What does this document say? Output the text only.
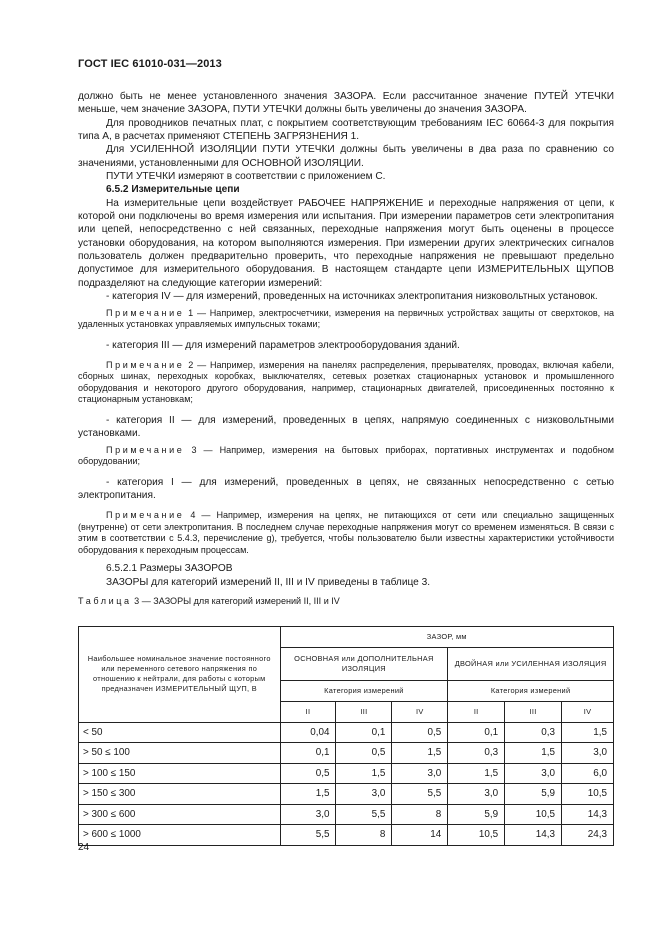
ГОСТ IEC 61010-031—2013

должно быть не менее установленного значения ЗАЗОРА. Если рассчитанное значение ПУТЕЙ УТЕЧКИ меньше, чем значение ЗАЗОРА, ПУТИ УТЕЧКИ должны быть увеличены до значения ЗАЗОРА.

Для проводников печатных плат, с покрытием соответствующим требованиям IEC 60664-3 для покрытия типа А, в расчетах применяют СТЕПЕНЬ ЗАГРЯЗНЕНИЯ 1.

Для УСИЛЕННОЙ ИЗОЛЯЦИИ ПУТИ УТЕЧКИ должны быть увеличены в два раза по сравнению со значениями, установленными для ОСНОВНОЙ ИЗОЛЯЦИИ.

ПУТИ УТЕЧКИ измеряют в соответствии с приложением С.

6.5.2 Измерительные цепи

На измерительные цепи воздействует РАБОЧЕЕ НАПРЯЖЕНИЕ и переходные напряжения от цепи, к которой они подключены во время измерения или испытания. При измерении параметров сети электропитания или цепей, непосредственно с ней связанных, переходные напряжения могут быть оценены в процессе установки оборудования, на котором выполняются измерения. При измерении других электрических сигналов пользователь должен предварительно проверить, что переходные напряжения не превышают предельно допустимое для измерительного оборудования. В настоящем стандарте цепи ИЗМЕРИТЕЛЬНЫХ ЩУПОВ подразделяют на следующие категории измерений:

- категория IV — для измерений, проведенных на источниках электропитания низковольтных установок.

Примечание 1 — Например, электросчетчики, измерения на первичных устройствах защиты от сверхтоков, на удаленных установках управляемых импульсных токами;

- категория III — для измерений параметров электрооборудования зданий.

Примечание 2 — Например, измерения на панелях распределения, прерывателях, проводах, включая кабели, сборных шинах, переходных коробках, выключателях, сетевых розетках стационарных установок и промышленного оборудования и некоторого другого оборудования, например, стационарных двигателей, присоединенных постоянно к стационарным установкам;

- категория II — для измерений, проведенных в цепях, напрямую соединенных с низковольтными установками.

Примечание 3 — Например, измерения на бытовых приборах, портативных инструментах и подобном оборудовании;

- категория I — для измерений, проведенных в цепях, не связанных непосредственно с сетью электропитания.

Примечание 4 — Например, измерения на цепях, не питающихся от сети или специально защищенных (внутренне) от сети электропитания. В последнем случае переходные напряжения могут со временем изменяться. В связи с этим в соответствии с 5.4.3, перечисление g), требуется, чтобы пользователю были известны характеристики устойчивости оборудования к переходным процессам.

6.5.2.1 Размеры ЗАЗОРОВ

ЗАЗОРЫ для категорий измерений II, III и IV приведены в таблице 3.

Таблица 3 — ЗАЗОРЫ для категорий измерений II, III и IV

Наибольшее номинальное значение постоянного или переменного сетевого напряжения по отношению к нейтрали, для работы с которым предназначен ИЗМЕРИТЕЛЬНЫЙ ЩУП, В	ЗАЗОР, мм					
	ОСНОВНАЯ или ДОПОЛНИТЕЛЬНАЯ ИЗОЛЯЦИЯ			ДВОЙНАЯ или УСИЛЕННАЯ ИЗОЛЯЦИЯ		
	Категория измерений			Категория измерений		
	II	III	IV	II	III	IV
< 50	0,04	0,1	0,5	0,1	0,3	1,5
> 50 ≤ 100	0,1	0,5	1,5	0,3	1,5	3,0
> 100 ≤ 150	0,5	1,5	3,0	1,5	3,0	6,0
> 150 ≤ 300	1,5	3,0	5,5	3,0	5,9	10,5
> 300 ≤ 600	3,0	5,5	8	5,9	10,5	14,3
> 600 ≤ 1000	5,5	8	14	10,5	14,3	24,3
24
